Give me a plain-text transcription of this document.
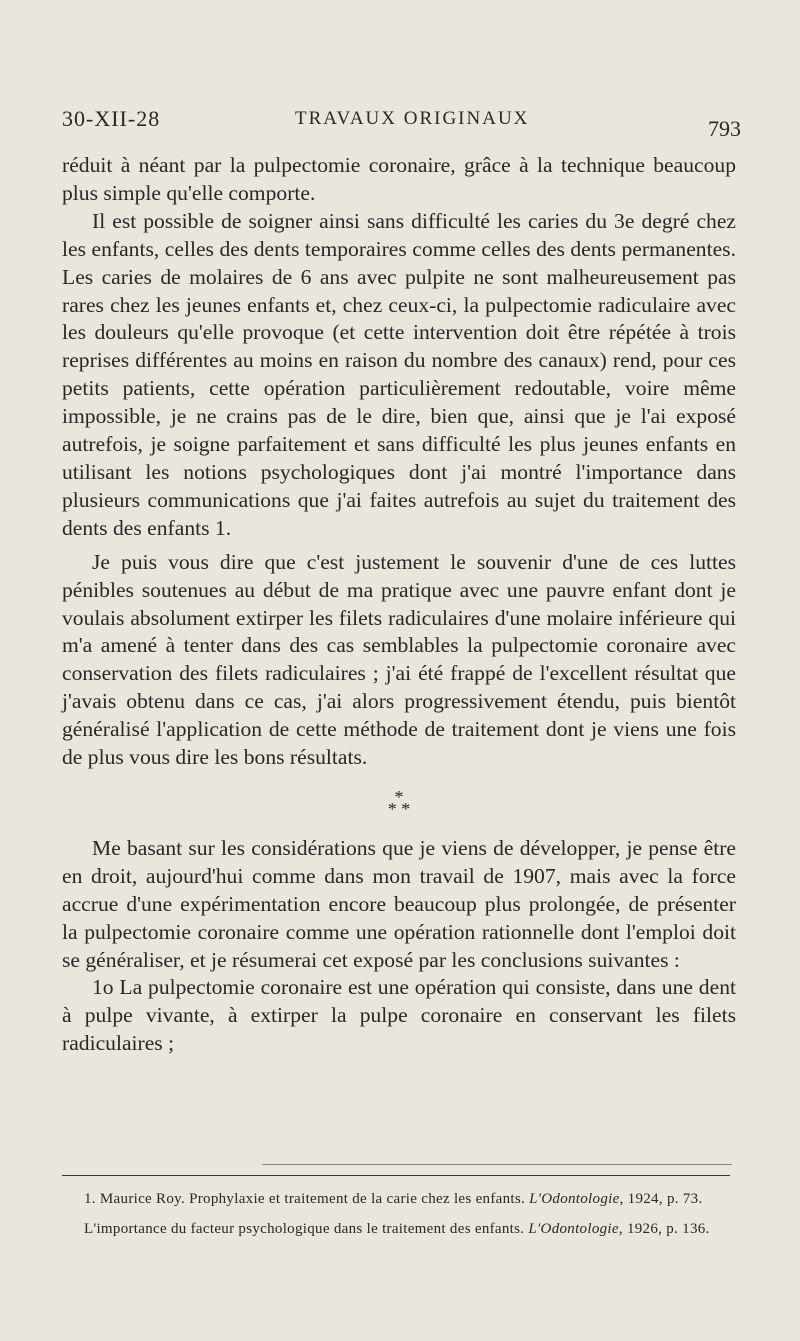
30-XII-28	TRAVAUX ORIGINAUX	793

réduit à néant par la pulpectomie coronaire, grâce à la technique beaucoup plus simple qu'elle comporte.

Il est possible de soigner ainsi sans difficulté les caries du 3e degré chez les enfants, celles des dents temporaires comme celles des dents permanentes. Les caries de molaires de 6 ans avec pulpite ne sont malheureusement pas rares chez les jeunes enfants et, chez ceux-ci, la pulpectomie radiculaire avec les douleurs qu'elle provoque (et cette intervention doit être répétée à trois reprises différentes au moins en raison du nombre des canaux) rend, pour ces petits patients, cette opération particulièrement redoutable, voire même impossible, je ne crains pas de le dire, bien que, ainsi que je l'ai exposé autrefois, je soigne parfaitement et sans difficulté les plus jeunes enfants en utilisant les notions psychologiques dont j'ai montré l'importance dans plusieurs communications que j'ai faites autrefois au sujet du traitement des dents des enfants 1.

Je puis vous dire que c'est justement le souvenir d'une de ces luttes pénibles soutenues au début de ma pratique avec une pauvre enfant dont je voulais absolument extirper les filets radiculaires d'une molaire inférieure qui m'a amené à tenter dans des cas semblables la pulpectomie coronaire avec conservation des filets radiculaires ; j'ai été frappé de l'excellent résultat que j'avais obtenu dans ce cas, j'ai alors progressivement étendu, puis bientôt généralisé l'application de cette méthode de traitement dont je viens une fois de plus vous dire les bons résultats.

*
* *

Me basant sur les considérations que je viens de développer, je pense être en droit, aujourd'hui comme dans mon travail de 1907, mais avec la force accrue d'une expérimentation encore beaucoup plus prolongée, de présenter la pulpectomie coronaire comme une opération rationnelle dont l'emploi doit se généraliser, et je résumerai cet exposé par les conclusions suivantes :

1o La pulpectomie coronaire est une opération qui consiste, dans une dent à pulpe vivante, à extirper la pulpe coronaire en conservant les filets radiculaires ;

1. Maurice Roy. Prophylaxie et traitement de la carie chez les enfants. L'Odontologie, 1924, p. 73.

L'importance du facteur psychologique dans le traitement des enfants. L'Odontologie, 1926, p. 136.
